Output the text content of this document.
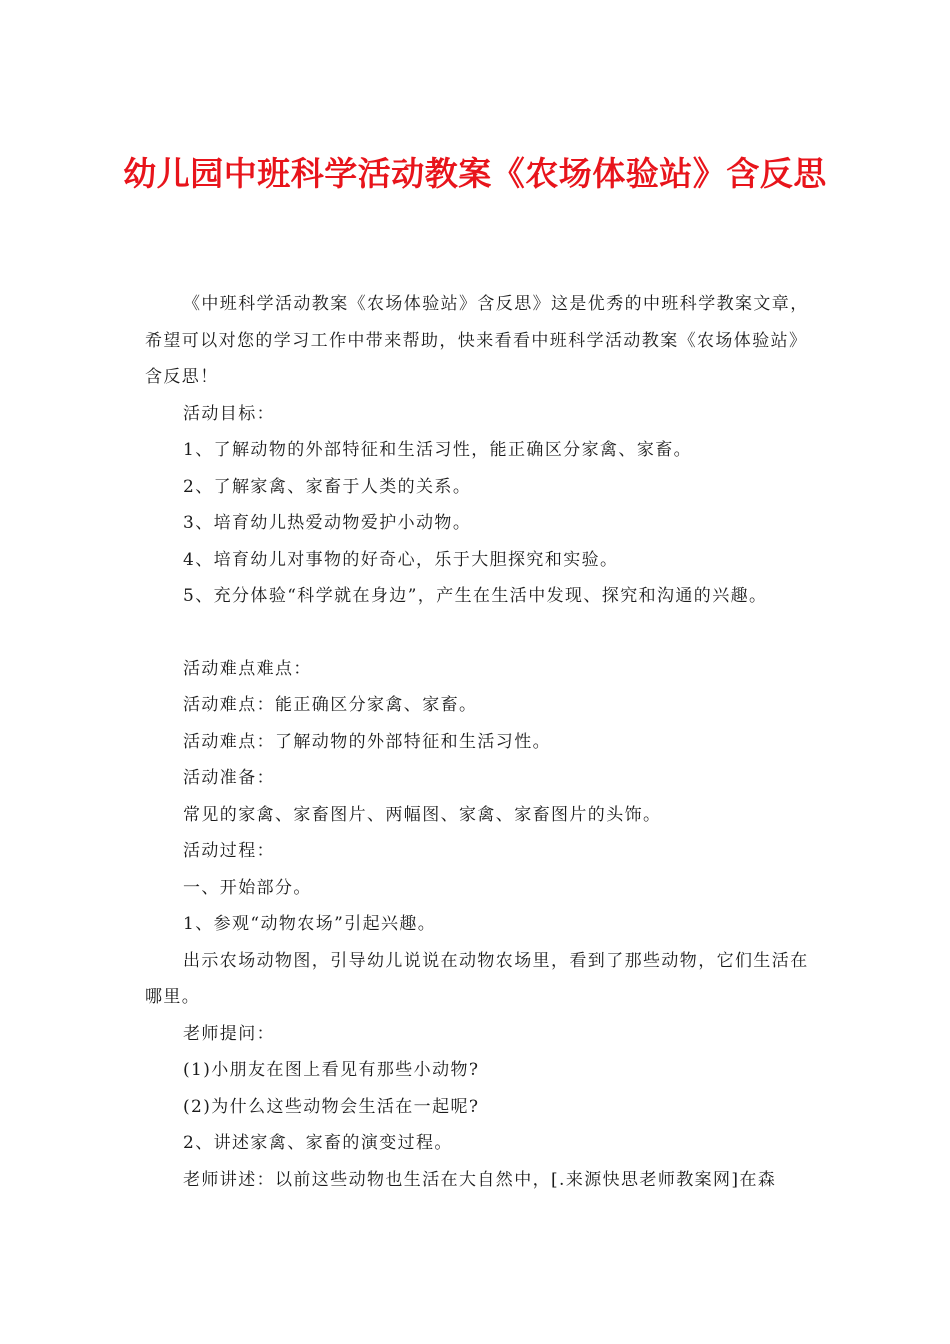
幼儿园中班科学活动教案《农场体验站》含反思

《中班科学活动教案《农场体验站》含反思》这是优秀的中班科学教案文章，希望可以对您的学习工作中带来帮助，快来看看中班科学活动教案《农场体验站》含反思！

活动目标：

1、了解动物的外部特征和生活习性，能正确区分家禽、家畜。

2、了解家禽、家畜于人类的关系。

3、培育幼儿热爱动物爱护小动物。

4、培育幼儿对事物的好奇心，乐于大胆探究和实验。

5、充分体验“科学就在身边”，产生在生活中发现、探究和沟通的兴趣。

活动难点难点：

活动难点：能正确区分家禽、家畜。

活动难点：了解动物的外部特征和生活习性。

活动准备：

常见的家禽、家畜图片、两幅图、家禽、家畜图片的头饰。

活动过程：

一、开始部分。

1、参观“动物农场”引起兴趣。

出示农场动物图，引导幼儿说说在动物农场里，看到了那些动物，它们生活在哪里。

老师提问：

(1)小朋友在图上看见有那些小动物?

(2)为什么这些动物会生活在一起呢?

2、讲述家禽、家畜的演变过程。

老师讲述：以前这些动物也生活在大自然中，[.来源快思老师教案网]在森
